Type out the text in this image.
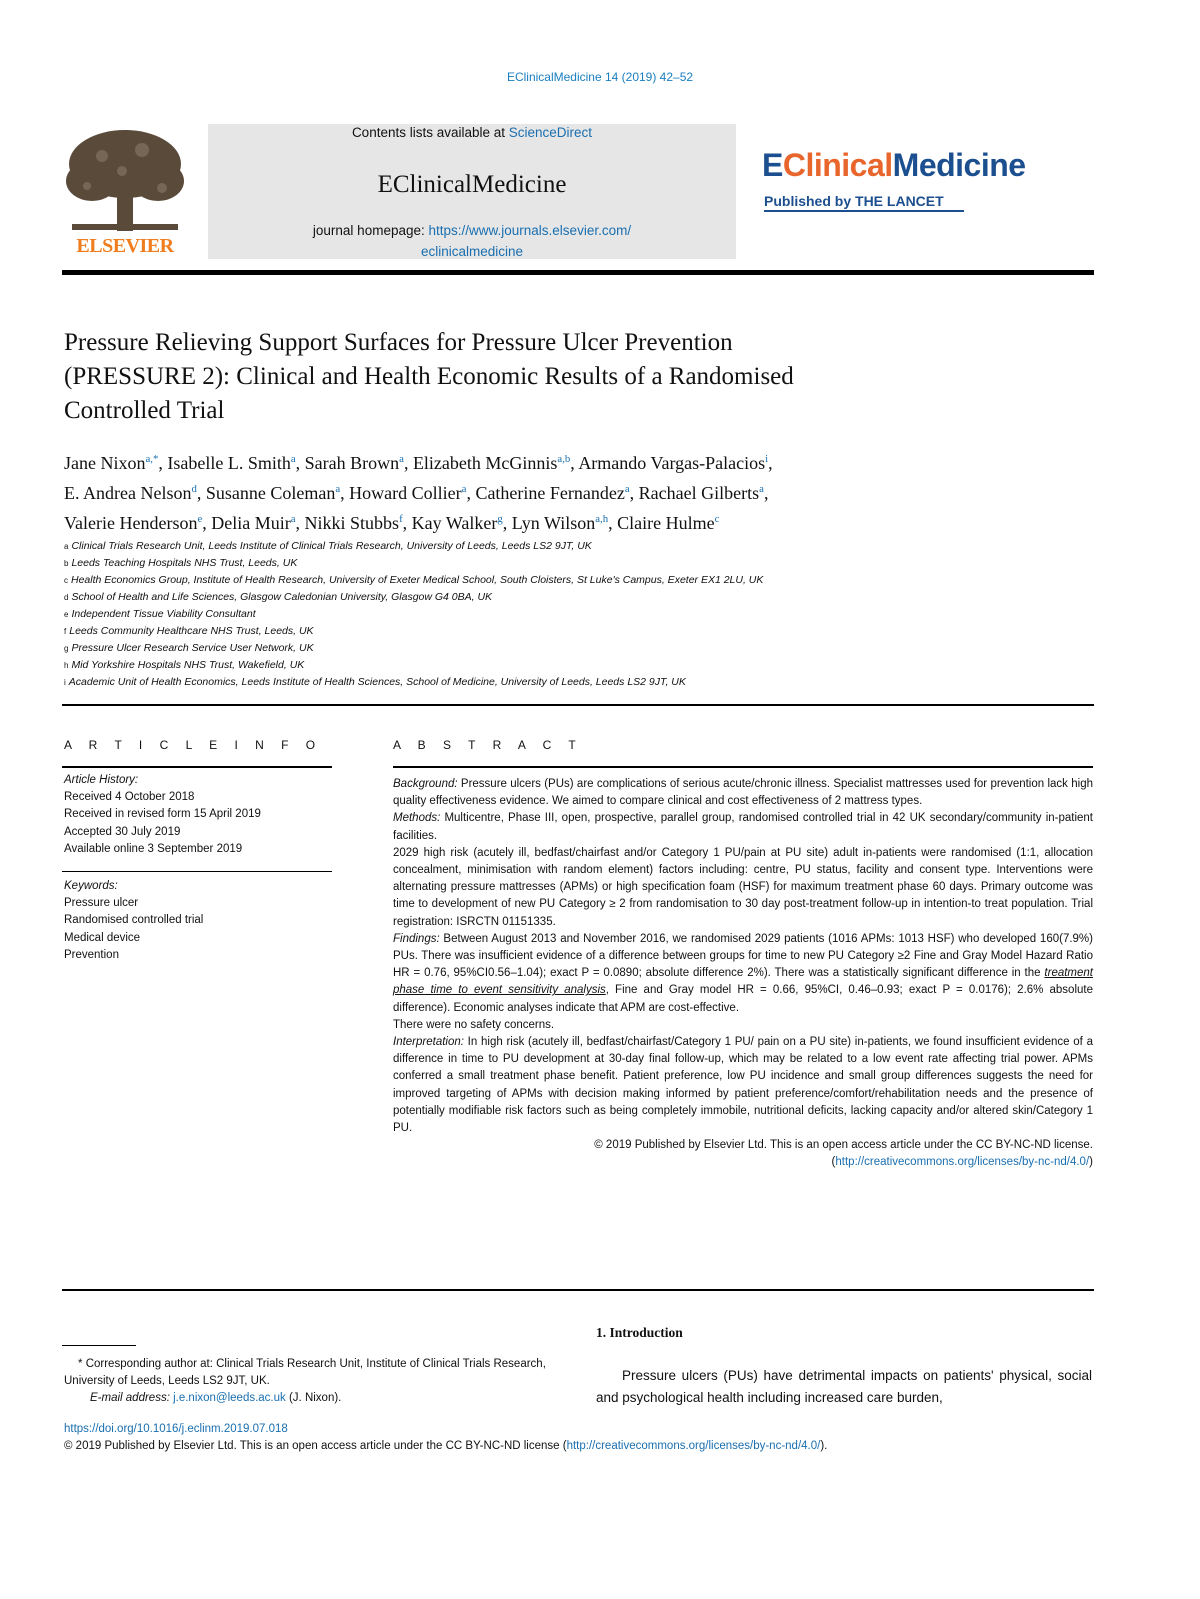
EClinicalMedicine 14 (2019) 42–52
ELSEVIER
Contents lists available at ScienceDirect
EClinicalMedicine
journal homepage: https://www.journals.elsevier.com/
eclinicalmedicine
EClinicalMedicine
Published by THE LANCET
Pressure Relieving Support Surfaces for Pressure Ulcer Prevention
(PRESSURE 2): Clinical and Health Economic Results of a Randomised
Controlled Trial
Jane Nixon$^{a,*}$, Isabelle L. Smith$^a$, Sarah Brown$^a$, Elizabeth McGinnis$^{a,b}$, Armando Vargas-Palacios$^i$,
E. Andrea Nelson$^d$, Susanne Coleman$^a$, Howard Collier$^a$, Catherine Fernandez$^a$, Rachael Gilberts$^a$,
Valerie Henderson$^e$, Delia Muir$^a$, Nikki Stubbs$^f$, Kay Walker$^g$, Lyn Wilson$^{a,h}$, Claire Hulme$^c$
$^a$ Clinical Trials Research Unit, Leeds Institute of Clinical Trials Research, University of Leeds, Leeds LS2 9JT, UK
$^b$ Leeds Teaching Hospitals NHS Trust, Leeds, UK
$^c$ Health Economics Group, Institute of Health Research, University of Exeter Medical School, South Cloisters, St Luke's Campus, Exeter EX1 2LU, UK
$^d$ School of Health and Life Sciences, Glasgow Caledonian University, Glasgow G4 0BA, UK
$^e$ Independent Tissue Viability Consultant
$^f$ Leeds Community Healthcare NHS Trust, Leeds, UK
$^g$ Pressure Ulcer Research Service User Network, UK
$^h$ Mid Yorkshire Hospitals NHS Trust, Wakefield, UK
$^i$ Academic Unit of Health Economics, Leeds Institute of Health Sciences, School of Medicine, University of Leeds, Leeds LS2 9JT, UK
A R T I C L E I N F O
Article History:
Received 4 October 2018
Received in revised form 15 April 2019
Accepted 30 July 2019
Available online 3 September 2019
Keywords:
Pressure ulcer
Randomised controlled trial
Medical device
Prevention
A B S T R A C T

Background: Pressure ulcers (PUs) are complications of serious acute/chronic illness. Specialist mattresses used for prevention lack high quality effectiveness evidence. We aimed to compare clinical and cost effectiveness of 2 mattress types.

Methods: Multicentre, Phase III, open, prospective, parallel group, randomised controlled trial in 42 UK secondary/community in-patient facilities.

2029 high risk (acutely ill, bedfast/chairfast and/or Category 1 PU/pain at PU site) adult in-patients were randomised (1:1, allocation concealment, minimisation with random element) factors including: centre, PU status, facility and consent type. Interventions were alternating pressure mattresses (APMs) or high specification foam (HSF) for maximum treatment phase 60 days. Primary outcome was time to development of new PU Category ≥ 2 from randomisation to 30 day post-treatment follow-up in intention-to treat population. Trial registration: ISRCTN 01151335.

Findings: Between August 2013 and November 2016, we randomised 2029 patients (1016 APMs: 1013 HSF) who developed 160(7.9%) PUs. There was insufficient evidence of a difference between groups for time to new PU Category ≥2 Fine and Gray Model Hazard Ratio HR = 0.76, 95%CI0.56–1.04); exact P = 0.0890; absolute difference 2%). There was a statistically significant difference in the treatment phase time to event sensitivity analysis, Fine and Gray model HR = 0.66, 95%CI, 0.46–0.93; exact P = 0.0176); 2.6% absolute difference). Economic analyses indicate that APM are cost-effective.

There were no safety concerns.

Interpretation: In high risk (acutely ill, bedfast/chairfast/Category 1 PU/ pain on a PU site) in-patients, we found insufficient evidence of a difference in time to PU development at 30-day final follow-up, which may be related to a low event rate affecting trial power. APMs conferred a small treatment phase benefit. Patient preference, low PU incidence and small group differences suggests the need for improved targeting of APMs with decision making informed by patient preference/comfort/rehabilitation needs and the presence of potentially modifiable risk factors such as being completely immobile, nutritional deficits, lacking capacity and/or altered skin/Category 1 PU.

© 2019 Published by Elsevier Ltd. This is an open access article under the CC BY-NC-ND license.

(http://creativecommons.org/licenses/by-nc-nd/4.0/)

1. Introduction
Pressure ulcers (PUs) have detrimental impacts on patients' physical, social and psychological health including increased care burden,
* Corresponding author at: Clinical Trials Research Unit, Institute of Clinical Trials Research, University of Leeds, Leeds LS2 9JT, UK.
E-mail address: j.e.nixon@leeds.ac.uk (J. Nixon).
https://doi.org/10.1016/j.eclinm.2019.07.018
© 2019 Published by Elsevier Ltd. This is an open access article under the CC BY-NC-ND license (http://creativecommons.org/licenses/by-nc-nd/4.0/).
